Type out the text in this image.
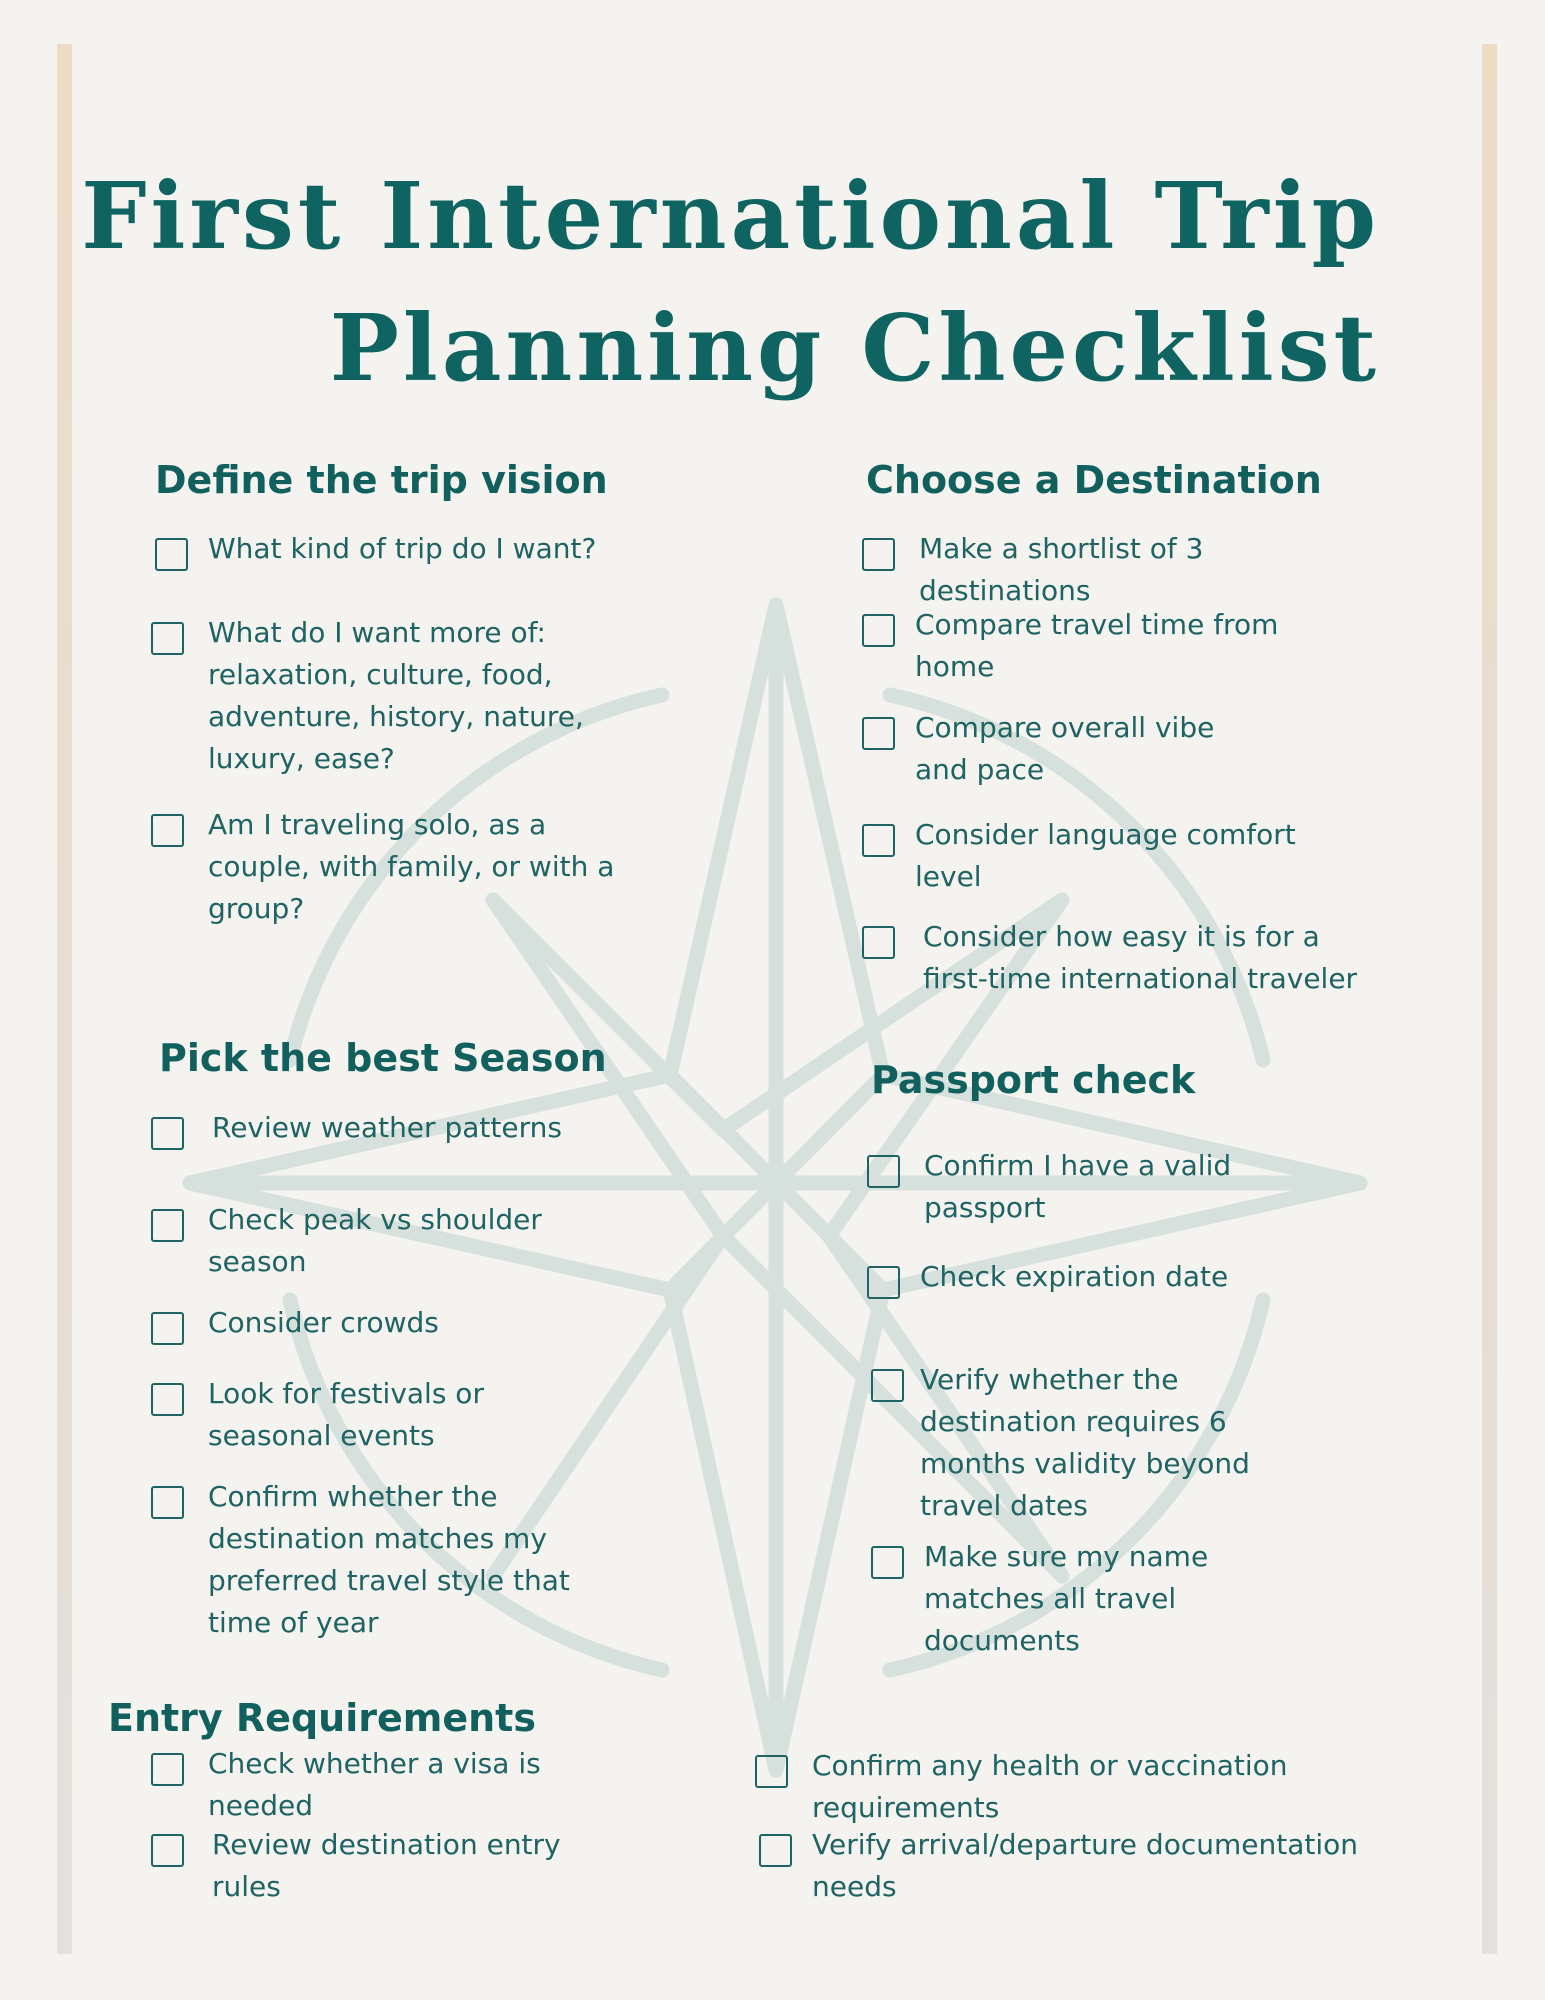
First International Trip
Planning Checklist
Define the trip vision
What kind of trip do I want?
What do I want more of: relaxation, culture, food, adventure, history, nature, luxury, ease?
Am I traveling solo, as a couple, with family, or with a group?
Choose a Destination
Make a shortlist of 3 destinations
Compare travel time from home
Compare overall vibe and pace
Consider language comfort level
Consider how easy it is for a first-time international traveler
Pick the best Season
Review weather patterns
Check peak vs shoulder season
Consider crowds
Look for festivals or seasonal events
Confirm whether the destination matches my preferred travel style that time of year
Passport check
Confirm I have a valid passport
Check expiration date
Verify whether the destination requires 6 months validity beyond travel dates
Make sure my name matches all travel documents
Entry Requirements
Check whether a visa is needed
Review destination entry rules
Confirm any health or vaccination requirements
Verify arrival/departure documentation needs
